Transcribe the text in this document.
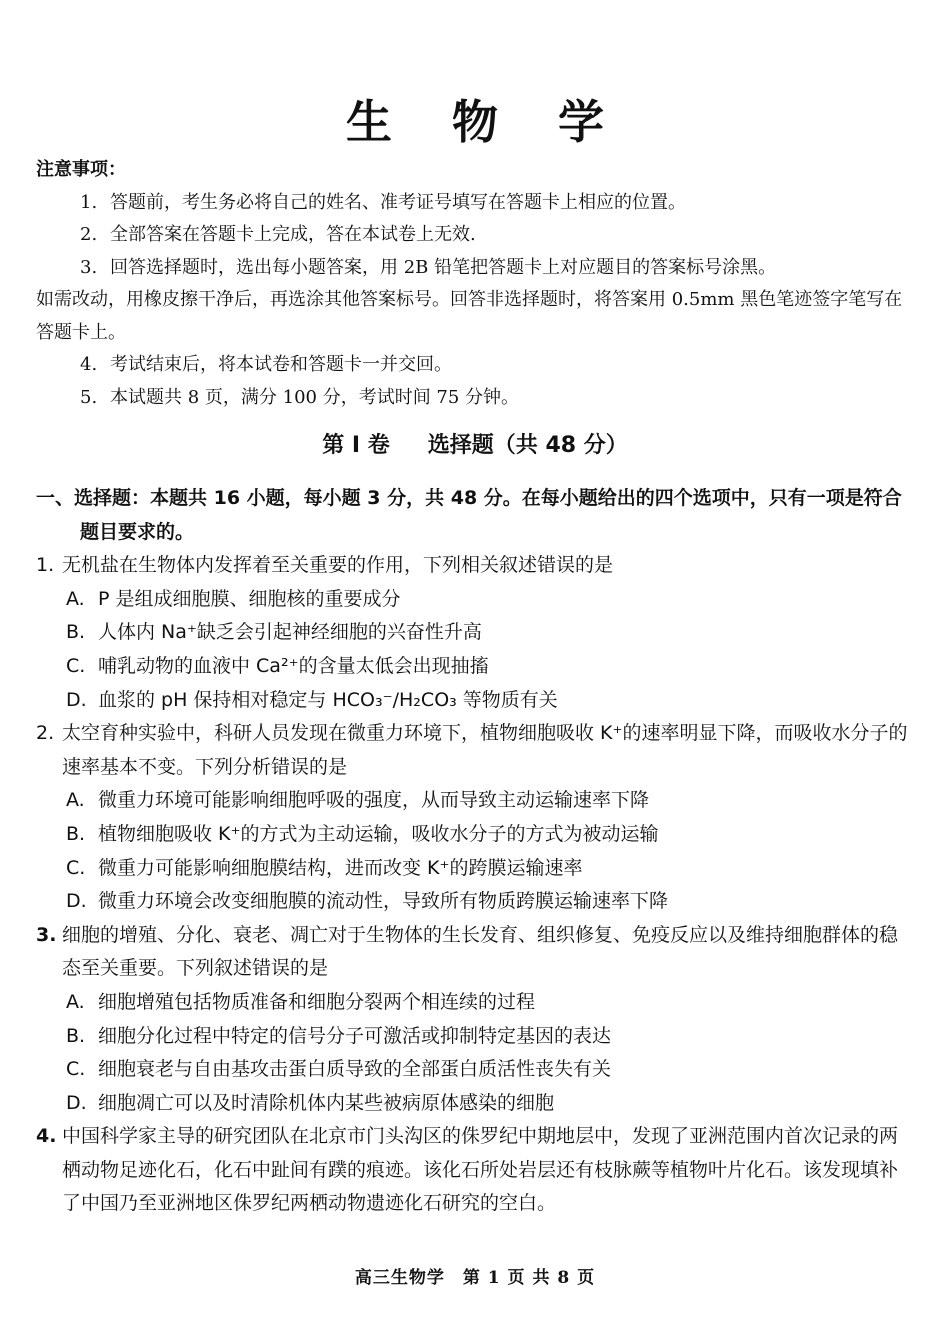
生 物 学
注意事项：
1. 答题前，考生务必将自己的姓名、准考证号填写在答题卡上相应的位置。
2. 全部答案在答题卡上完成，答在本试卷上无效.
3. 回答选择题时，选出每小题答案，用 2B 铅笔把答题卡上对应题目的答案标号涂黑。
如需改动，用橡皮擦干净后，再选涂其他答案标号。回答非选择题时，将答案用 0.5mm 黑色笔迹签字笔写在答题卡上。
4. 考试结束后，将本试卷和答题卡一并交回。
5. 本试题共 8 页，满分 100 分，考试时间 75 分钟。
第 I 卷 选择题（共 48 分）
一、选择题：本题共 16 小题，每小题 3 分，共 48 分。在每小题给出的四个选项中，只有一项是符合题目要求的。
1. 无机盐在生物体内发挥着至关重要的作用，下列相关叙述错误的是
A. P 是组成细胞膜、细胞核的重要成分
B. 人体内 Na⁺缺乏会引起神经细胞的兴奋性升高
C. 哺乳动物的血液中 Ca²⁺的含量太低会出现抽搐
D. 血浆的 pH 保持相对稳定与 HCO₃⁻/H₂CO₃ 等物质有关
2. 太空育种实验中，科研人员发现在微重力环境下，植物细胞吸收 K⁺的速率明显下降，而吸收水分子的速率基本不变。下列分析错误的是
A. 微重力环境可能影响细胞呼吸的强度，从而导致主动运输速率下降
B. 植物细胞吸收 K⁺的方式为主动运输，吸收水分子的方式为被动运输
C. 微重力可能影响细胞膜结构，进而改变 K⁺的跨膜运输速率
D. 微重力环境会改变细胞膜的流动性，导致所有物质跨膜运输速率下降
3. 细胞的增殖、分化、衰老、凋亡对于生物体的生长发育、组织修复、免疫反应以及维持细胞群体的稳态至关重要。下列叙述错误的是
A. 细胞增殖包括物质准备和细胞分裂两个相连续的过程
B. 细胞分化过程中特定的信号分子可激活或抑制特定基因的表达
C. 细胞衰老与自由基攻击蛋白质导致的全部蛋白质活性丧失有关
D. 细胞凋亡可以及时清除机体内某些被病原体感染的细胞
4. 中国科学家主导的研究团队在北京市门头沟区的侏罗纪中期地层中，发现了亚洲范围内首次记录的两栖动物足迹化石，化石中趾间有蹼的痕迹。该化石所处岩层还有枝脉蕨等植物叶片化石。该发现填补了中国乃至亚洲地区侏罗纪两栖动物遗迹化石研究的空白。
高三生物学　第 1 页 共 8 页
